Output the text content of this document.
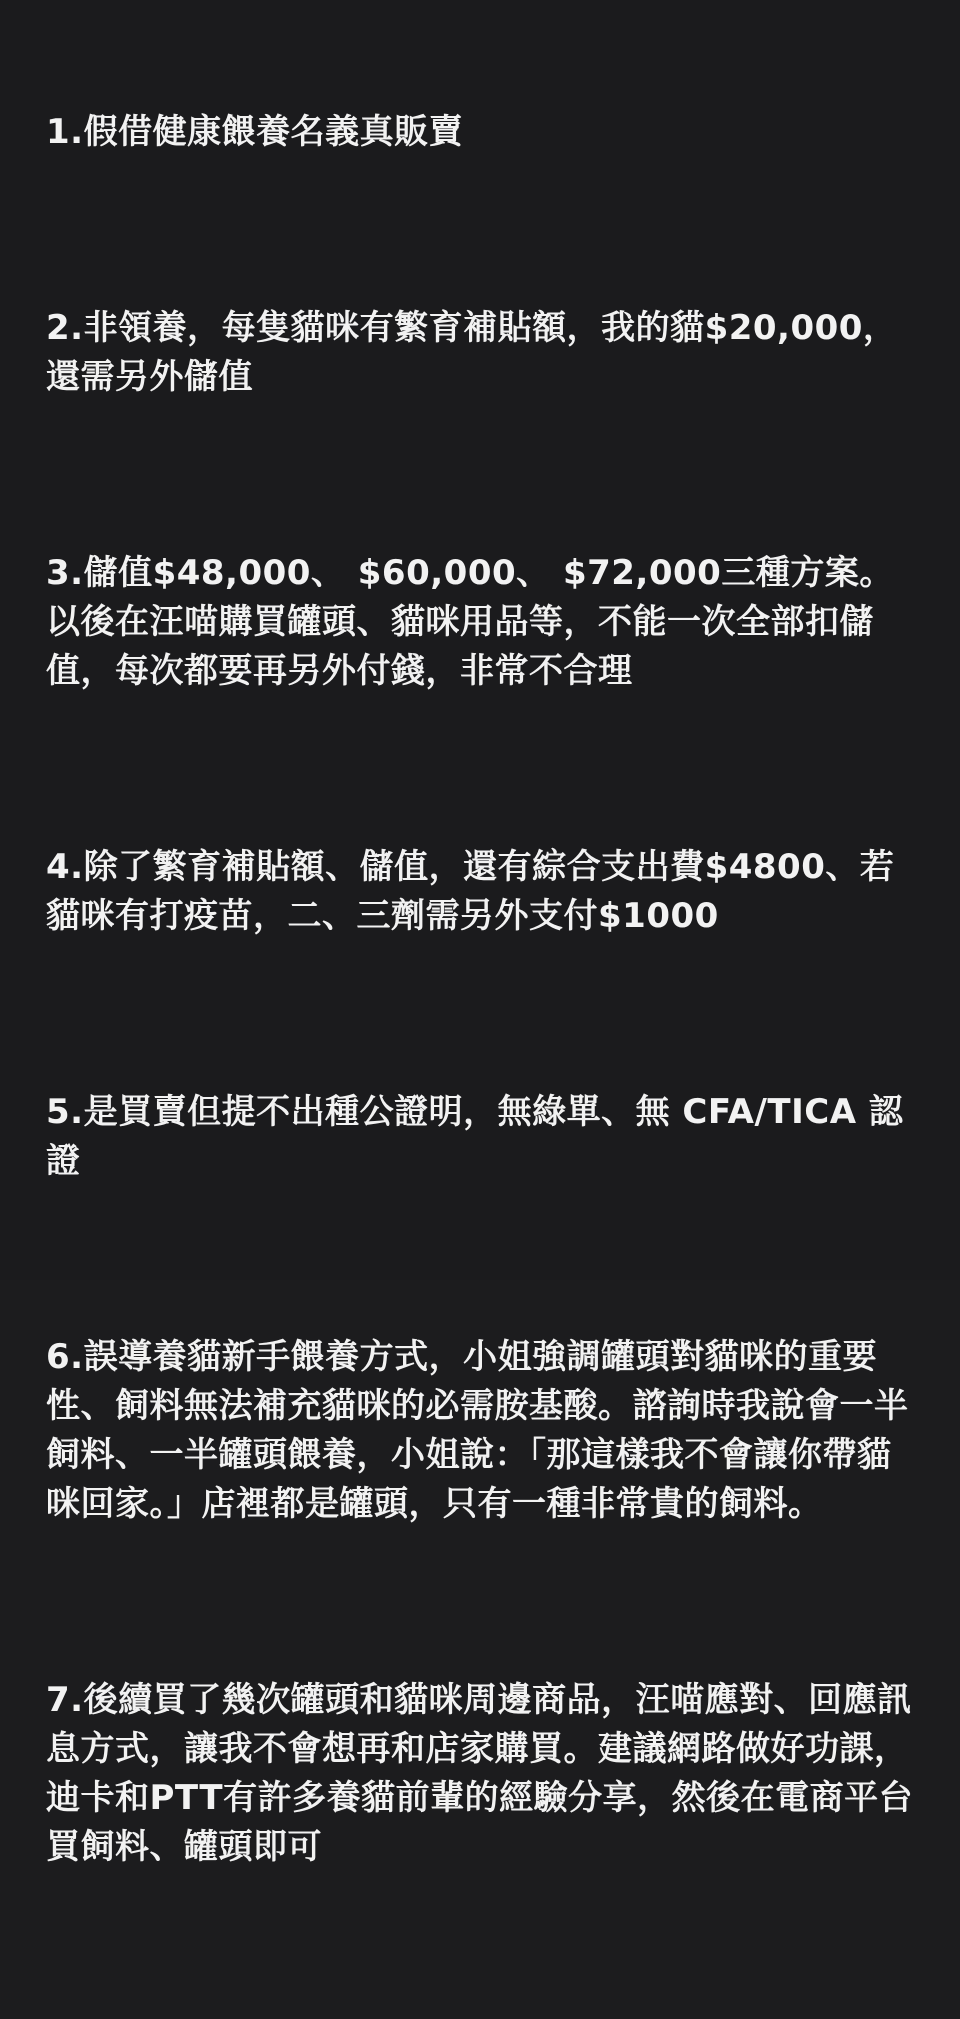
1.假借健康餵養名義真販賣

2.非領養，每隻貓咪有繁育補貼額，我的貓$20,000，還需另外儲值

3.儲值$48,000、 $60,000、 $72,000三種方案。以後在汪喵購買罐頭、貓咪用品等，不能一次全部扣儲值，每次都要再另外付錢，非常不合理

4.除了繁育補貼額、儲值，還有綜合支出費$4800、若貓咪有打疫苗，二、三劑需另外支付$1000

5.是買賣但提不出種公證明，無綠單、無 CFA/TICA 認證

6.誤導養貓新手餵養方式，小姐強調罐頭對貓咪的重要性、飼料無法補充貓咪的必需胺基酸。諮詢時我說會一半飼料、一半罐頭餵養，小姐說：「那這樣我不會讓你帶貓咪回家。」店裡都是罐頭，只有一種非常貴的飼料。

7.後續買了幾次罐頭和貓咪周邊商品，汪喵應對、回應訊息方式，讓我不會想再和店家購買。建議網路做好功課，迪卡和PTT有許多養貓前輩的經驗分享，然後在電商平台買飼料、罐頭即可
